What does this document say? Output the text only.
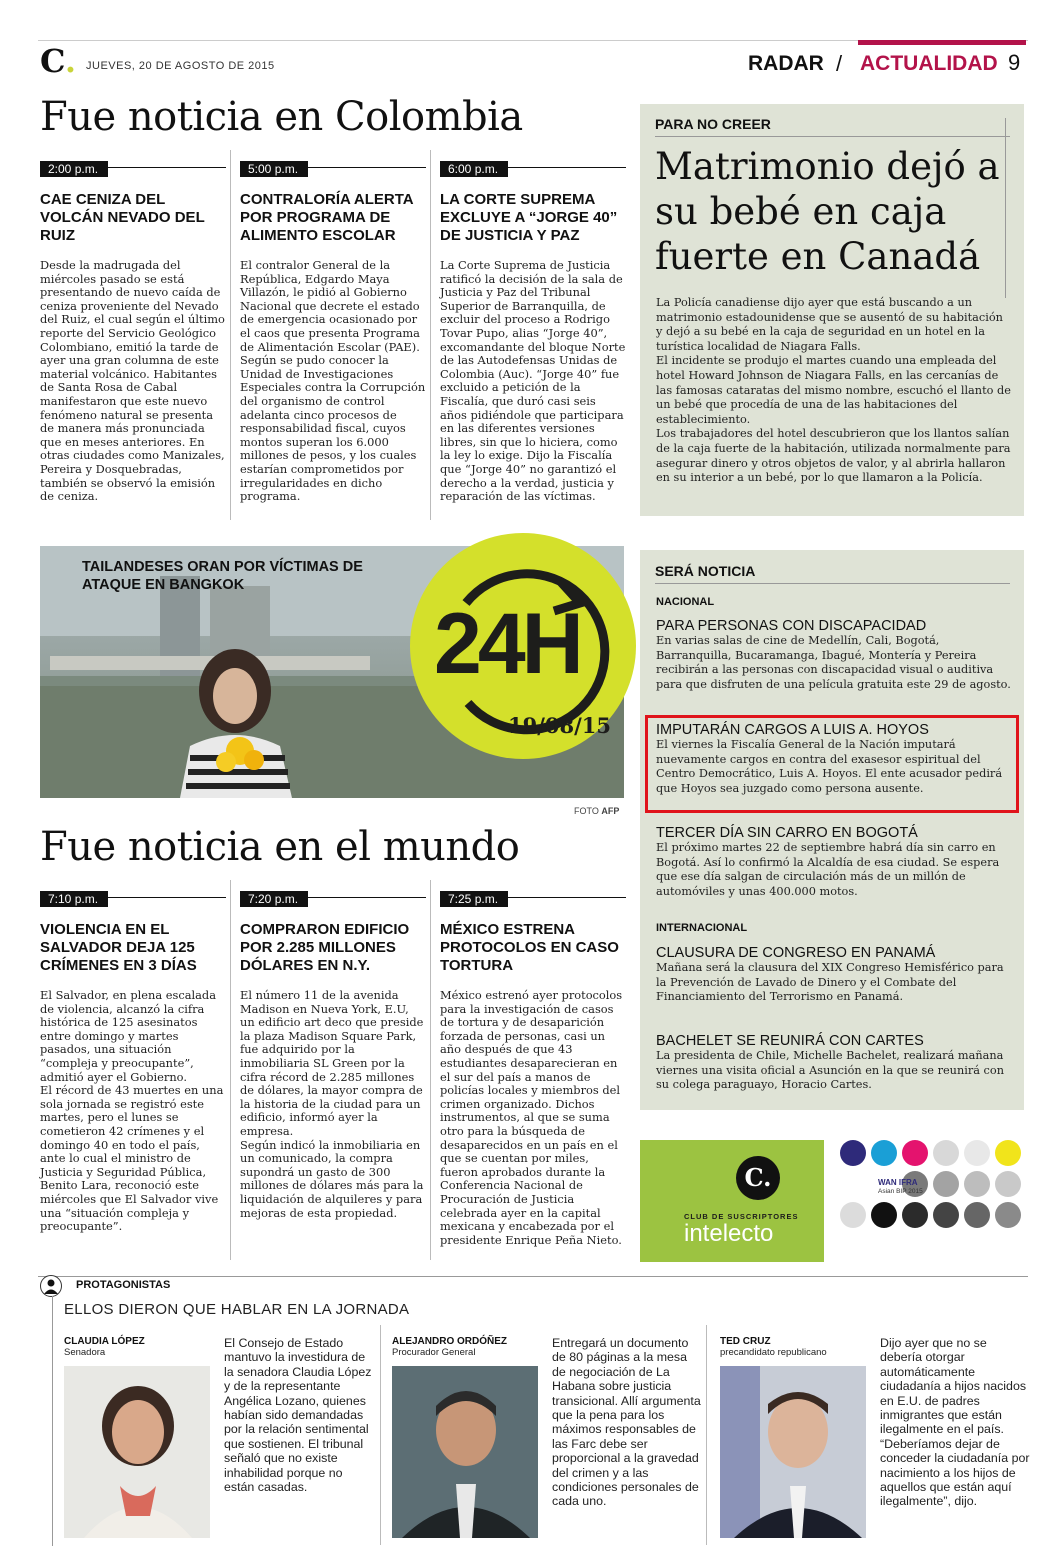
C. JUEVES, 20 DE AGOSTO DE 2015	RADAR / ACTUALIDAD 9
Fue noticia en Colombia
2:00 p.m.
CAE CENIZA DEL VOLCÁN NEVADO DEL RUIZ
Desde la madrugada del miércoles pasado se está presentando de nuevo caída de ceniza proveniente del Nevado del Ruiz, el cual según el último reporte del Servicio Geológico Colombiano, emitió la tarde de ayer una gran columna de este material volcánico. Habitantes de Santa Rosa de Cabal manifestaron que este nuevo fenómeno natural se presenta de manera más pronunciada que en meses anteriores. En otras ciudades como Manizales, Pereira y Dosquebradas, también se observó la emisión de ceniza.
5:00 p.m.
CONTRALORÍA ALERTA POR PROGRAMA DE ALIMENTO ESCOLAR
El contralor General de la República, Edgardo Maya Villazón, le pidió al Gobierno Nacional que decrete el estado de emergencia ocasionado por el caos que presenta Programa de Alimentación Escolar (PAE). Según se pudo conocer la Unidad de Investigaciones Especiales contra la Corrupción del organismo de control adelanta cinco procesos de responsabilidad fiscal, cuyos montos superan los 6.000 millones de pesos, y los cuales estarían comprometidos por irregularidades en dicho programa.
6:00 p.m.
LA CORTE SUPREMA EXCLUYE A “JORGE 40” DE JUSTICIA Y PAZ
La Corte Suprema de Justicia ratificó la decisión de la sala de Justicia y Paz del Tribunal Superior de Barranquilla, de excluir del proceso a Rodrigo Tovar Pupo, alias “Jorge 40”, excomandante del bloque Norte de las Autodefensas Unidas de Colombia (Auc). “Jorge 40” fue excluido a petición de la Fiscalía, que duró casi seis años pidiéndole que participara en las diferentes versiones libres, sin que lo hiciera, como la ley lo exige. Dijo la Fiscalía que “Jorge 40” no garantizó el derecho a la verdad, justicia y reparación de las víctimas.
PARA NO CREER
Matrimonio dejó a su bebé en caja fuerte en Canadá
La Policía canadiense dijo ayer que está buscando a un matrimonio estadounidense que se ausentó de su habitación y dejó a su bebé en la caja de seguridad en un hotel en la turística localidad de Niagara Falls.
El incidente se produjo el martes cuando una empleada del hotel Howard Johnson de Niagara Falls, en las cercanías de las famosas cataratas del mismo nombre, escuchó el llanto de un bebé que procedía de una de las habitaciones del establecimiento.
Los trabajadores del hotel descubrieron que los llantos salían de la caja fuerte de la habitación, utilizada normalmente para asegurar dinero y otros objetos de valor, y al abrirla hallaron en su interior a un bebé, por lo que llamaron a la Policía.
24H
19/08/15
TAILANDESES ORAN POR VÍCTIMAS DE ATAQUE EN BANGKOK
FOTO AFP
SERÁ NOTICIA
NACIONAL
PARA PERSONAS CON DISCAPACIDAD
En varias salas de cine de Medellín, Cali, Bogotá, Barranquilla, Bucaramanga, Ibagué, Montería y Pereira recibirán a las personas con discapacidad visual o auditiva para que disfruten de una película gratuita este 29 de agosto.
IMPUTARÁN CARGOS A LUIS A. HOYOS
El viernes la Fiscalía General de la Nación imputará nuevamente cargos en contra del exasesor espiritual del Centro Democrático, Luis A. Hoyos. El ente acusador pedirá que Hoyos sea juzgado como persona ausente.
TERCER DÍA SIN CARRO EN BOGOTÁ
El próximo martes 22 de septiembre habrá día sin carro en Bogotá. Así lo confirmó la Alcaldía de esa ciudad. Se espera que ese día salgan de circulación más de un millón de automóviles y unas 400.000 motos.
INTERNACIONAL
CLAUSURA DE CONGRESO EN PANAMÁ
Mañana será la clausura del XIX Congreso Hemisférico para la Prevención de Lavado de Dinero y el Combate del Financiamiento del Terrorismo en Panamá.
BACHELET SE REUNIRÁ CON CARTES
La presidenta de Chile, Michelle Bachelet, realizará mañana viernes una visita oficial a Asunción en la que se reunirá con su colega paraguayo, Horacio Cartes.
Fue noticia en el mundo
7:10 p.m.
VIOLENCIA EN EL SALVADOR DEJA 125 CRÍMENES EN 3 DÍAS
El Salvador, en plena escalada de violencia, alcanzó la cifra histórica de 125 asesinatos entre domingo y martes pasados, una situación “compleja y preocupante”, admitió ayer el Gobierno.
El récord de 43 muertes en una sola jornada se registró este martes, pero el lunes se cometieron 42 crímenes y el domingo 40 en todo el país, ante lo cual el ministro de Justicia y Seguridad Pública, Benito Lara, reconoció este miércoles que El Salvador vive una “situación compleja y preocupante”.
7:20 p.m.
COMPRARON EDIFICIO POR 2.285 MILLONES DÓLARES EN N.Y.
El número 11 de la avenida Madison en Nueva York, E.U, un edificio art deco que preside la plaza Madison Square Park, fue adquirido por la inmobiliaria SL Green por la cifra récord de 2.285 millones de dólares, la mayor compra de la historia de la ciudad para un edificio, informó ayer la empresa.
Según indicó la inmobiliaria en un comunicado, la compra supondrá un gasto de 300 millones de dólares más para la liquidación de alquileres y para mejoras de esta propiedad.
7:25 p.m.
MÉXICO ESTRENA PROTOCOLOS EN CASO TORTURA
México estrenó ayer protocolos para la investigación de casos de tortura y de desaparición forzada de personas, casi un año después de que 43 estudiantes desaparecieran en el sur del país a manos de policías locales y miembros del crimen organizado. Dichos instrumentos, al que se suma otro para la búsqueda de desaparecidos en un país en el que se cuentan por miles, fueron aprobados durante la Conferencia Nacional de Procuración de Justicia celebrada ayer en la capital mexicana y encabezada por el presidente Enrique Peña Nieto.
C.
CLUB DE SUSCRIPTORES
intelecto
WAN IFRA
Asian BIP 2015
PROTAGONISTAS
ELLOS DIERON QUE HABLAR EN LA JORNADA
CLAUDIA LÓPEZ
Senadora
El Consejo de Estado mantuvo la investidura de la senadora Claudia López y de la representante Angélica Lozano, quienes habían sido demandadas por la relación sentimental que sostienen. El tribunal señaló que no existe inhabilidad porque no están casadas.
ALEJANDRO ORDÓÑEZ
Procurador General
Entregará un documento de 80 páginas a la mesa de negociación de La Habana sobre justicia transicional. Allí argumenta que la pena para los máximos responsables de las Farc debe ser proporcional a la gravedad del crimen y a las condiciones personales de cada uno.
TED CRUZ
precandidato republicano
Dijo ayer que no se debería otorgar automáticamente ciudadanía a hijos nacidos en E.U. de padres inmigrantes que están ilegalmente en el país. “Deberíamos dejar de conceder la ciudadanía por nacimiento a los hijos de aquellos que están aquí ilegalmente”, dijo.
